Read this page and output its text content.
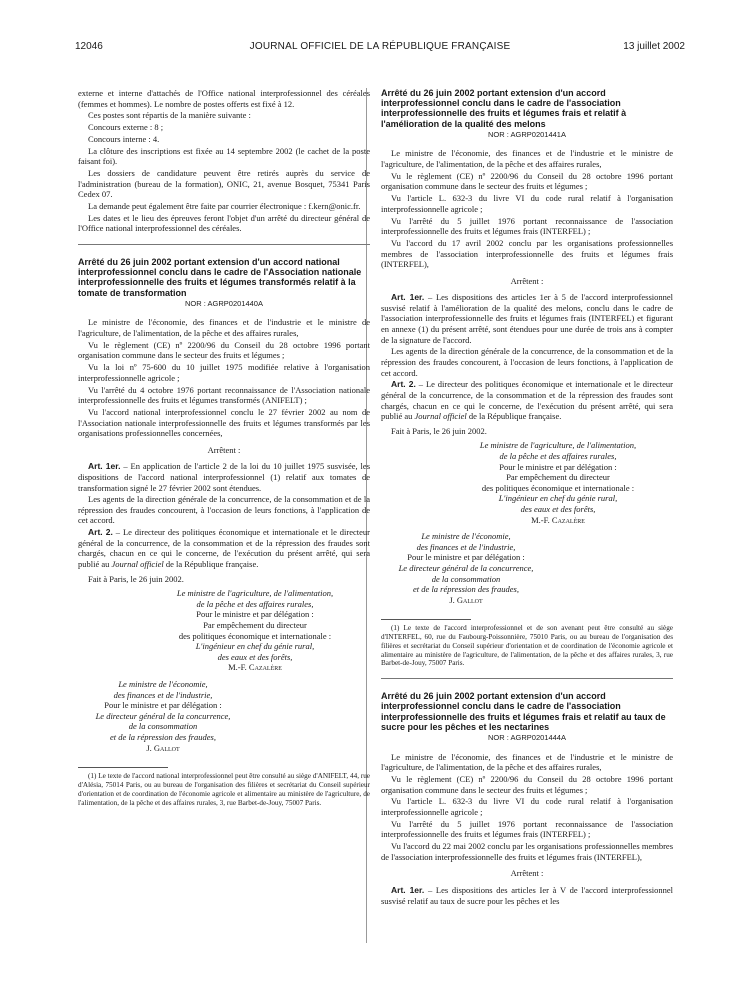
12046	JOURNAL OFFICIEL DE LA RÉPUBLIQUE FRANÇAISE	13 juillet 2002

externe et interne d'attachés de l'Office national interprofessionnel des céréales (femmes et hommes). Le nombre de postes offerts est fixé à 12.

Ces postes sont répartis de la manière suivante :

Concours externe : 8 ;

Concours interne : 4.

La clôture des inscriptions est fixée au 14 septembre 2002 (le cachet de la poste faisant foi).

Les dossiers de candidature peuvent être retirés auprès du service de l'administration (bureau de la formation), ONIC, 21, avenue Bosquet, 75341 Paris Cedex 07.

La demande peut également être faite par courrier électronique : f.kern@onic.fr.

Les dates et le lieu des épreuves feront l'objet d'un arrêté du directeur général de l'Office national interprofessionnel des céréales.

Arrêté du 26 juin 2002 portant extension d'un accord national interprofessionnel conclu dans le cadre de l'Association nationale interprofessionnelle des fruits et légumes transformés relatif à la tomate de transformation

NOR : AGRP0201440A

Le ministre de l'économie, des finances et de l'industrie et le ministre de l'agriculture, de l'alimentation, de la pêche et des affaires rurales,

Vu le règlement (CE) nº 2200/96 du Conseil du 28 octobre 1996 portant organisation commune dans le secteur des fruits et légumes ;

Vu la loi nº 75-600 du 10 juillet 1975 modifiée relative à l'organisation interprofessionnelle agricole ;

Vu l'arrêté du 4 octobre 1976 portant reconnaissance de l'Association nationale interprofessionnelle des fruits et légumes transformés (ANIFELT) ;

Vu l'accord national interprofessionnel conclu le 27 février 2002 au nom de l'Association nationale interprofessionnelle des fruits et légumes transformés par les organisations professionnelles concernées,

Arrêtent :

Art. 1er. – En application de l'article 2 de la loi du 10 juillet 1975 susvisée, les dispositions de l'accord national interprofessionnel (1) relatif aux tomates de transformation signé le 27 février 2002 sont étendues.

Les agents de la direction générale de la concurrence, de la consommation et de la répression des fraudes concourent, à l'occasion de leurs fonctions, à l'application de cet accord.

Art. 2. – Le directeur des politiques économique et internationale et le directeur général de la concurrence, de la consommation et de la répression des fraudes sont chargés, chacun en ce qui le concerne, de l'exécution du présent arrêté, qui sera publié au Journal officiel de la République française.

Fait à Paris, le 26 juin 2002.

Le ministre de l'agriculture, de l'alimentation,

de la pêche et des affaires rurales,

Pour le ministre et par délégation :

Par empêchement du directeur

des politiques économique et internationale :

L'ingénieur en chef du génie rural,

des eaux et des forêts,

M.-F. Cazalère

Le ministre de l'économie,

des finances et de l'industrie,

Pour le ministre et par délégation :

Le directeur général de la concurrence,

de la consommation

et de la répression des fraudes,

J. Gallot

(1) Le texte de l'accord national interprofessionnel peut être consulté au siège d'ANIFELT, 44, rue d'Alésia, 75014 Paris, ou au bureau de l'organisation des filières et secrétariat du Conseil supérieur d'orientation et de coordination de l'économie agricole et alimentaire au ministère de l'agriculture, de l'alimentation, de la pêche et des affaires rurales, 3, rue Barbet-de-Jouy, 75007 Paris.

Arrêté du 26 juin 2002 portant extension d'un accord interprofessionnel conclu dans le cadre de l'association interprofessionnelle des fruits et légumes frais et relatif à l'amélioration de la qualité des melons

NOR : AGRP0201441A

Le ministre de l'économie, des finances et de l'industrie et le ministre de l'agriculture, de l'alimentation, de la pêche et des affaires rurales,

Vu le règlement (CE) nº 2200/96 du Conseil du 28 octobre 1996 portant organisation commune dans le secteur des fruits et légumes ;

Vu l'article L. 632-3 du livre VI du code rural relatif à l'organisation interprofessionnelle agricole ;

Vu l'arrêté du 5 juillet 1976 portant reconnaissance de l'association interprofessionnelle des fruits et légumes frais (INTERFEL) ;

Vu l'accord du 17 avril 2002 conclu par les organisations professionnelles membres de l'association interprofessionnelle des fruits et légumes frais (INTERFEL),

Arrêtent :

Art. 1er. – Les dispositions des articles 1er à 5 de l'accord interprofessionnel susvisé relatif à l'amélioration de la qualité des melons, conclu dans le cadre de l'association interprofessionnelle des fruits et légumes frais (INTERFEL) et figurant en annexe (1) du présent arrêté, sont étendues pour une durée de trois ans à compter de la signature de l'accord.

Les agents de la direction générale de la concurrence, de la consommation et de la répression des fraudes concourent, à l'occasion de leurs fonctions, à l'application de cet accord.

Art. 2. – Le directeur des politiques économique et internationale et le directeur général de la concurrence, de la consommation et de la répression des fraudes sont chargés, chacun en ce qui le concerne, de l'exécution du présent arrêté, qui sera publié au Journal officiel de la République française.

Fait à Paris, le 26 juin 2002.

Le ministre de l'agriculture, de l'alimentation,

de la pêche et des affaires rurales,

Pour le ministre et par délégation :

Par empêchement du directeur

des politiques économique et internationale :

L'ingénieur en chef du génie rural,

des eaux et des forêts,

M.-F. Cazalère

Le ministre de l'économie,

des finances et de l'industrie,

Pour le ministre et par délégation :

Le directeur général de la concurrence,

de la consommation

et de la répression des fraudes,

J. Gallot

(1) Le texte de l'accord interprofessionnel et de son avenant peut être consulté au siège d'INTERFEL, 60, rue du Faubourg-Poissonnière, 75010 Paris, ou au bureau de l'organisation des filières et secrétariat du Conseil supérieur d'orientation et de coordination de l'économie agricole et alimentaire au ministère de l'agriculture, de l'alimentation, de la pêche et des affaires rurales, 3, rue Barbet-de-Jouy, 75007 Paris.

Arrêté du 26 juin 2002 portant extension d'un accord interprofessionnel conclu dans le cadre de l'association interprofessionnelle des fruits et légumes frais et relatif au taux de sucre pour les pêches et les nectarines

NOR : AGRP0201444A

Le ministre de l'économie, des finances et de l'industrie et le ministre de l'agriculture, de l'alimentation, de la pêche et des affaires rurales,

Vu le règlement (CE) nº 2200/96 du Conseil du 28 octobre 1996 portant organisation commune dans le secteur des fruits et légumes ;

Vu l'article L. 632-3 du livre VI du code rural relatif à l'organisation interprofessionnelle agricole ;

Vu l'arrêté du 5 juillet 1976 portant reconnaissance de l'association interprofessionnelle des fruits et légumes frais (INTERFEL) ;

Vu l'accord du 22 mai 2002 conclu par les organisations professionnelles membres de l'association interprofessionnelle des fruits et légumes frais (INTERFEL),

Arrêtent :

Art. 1er. – Les dispositions des articles Ier à V de l'accord interprofessionnel susvisé relatif au taux de sucre pour les pêches et les
